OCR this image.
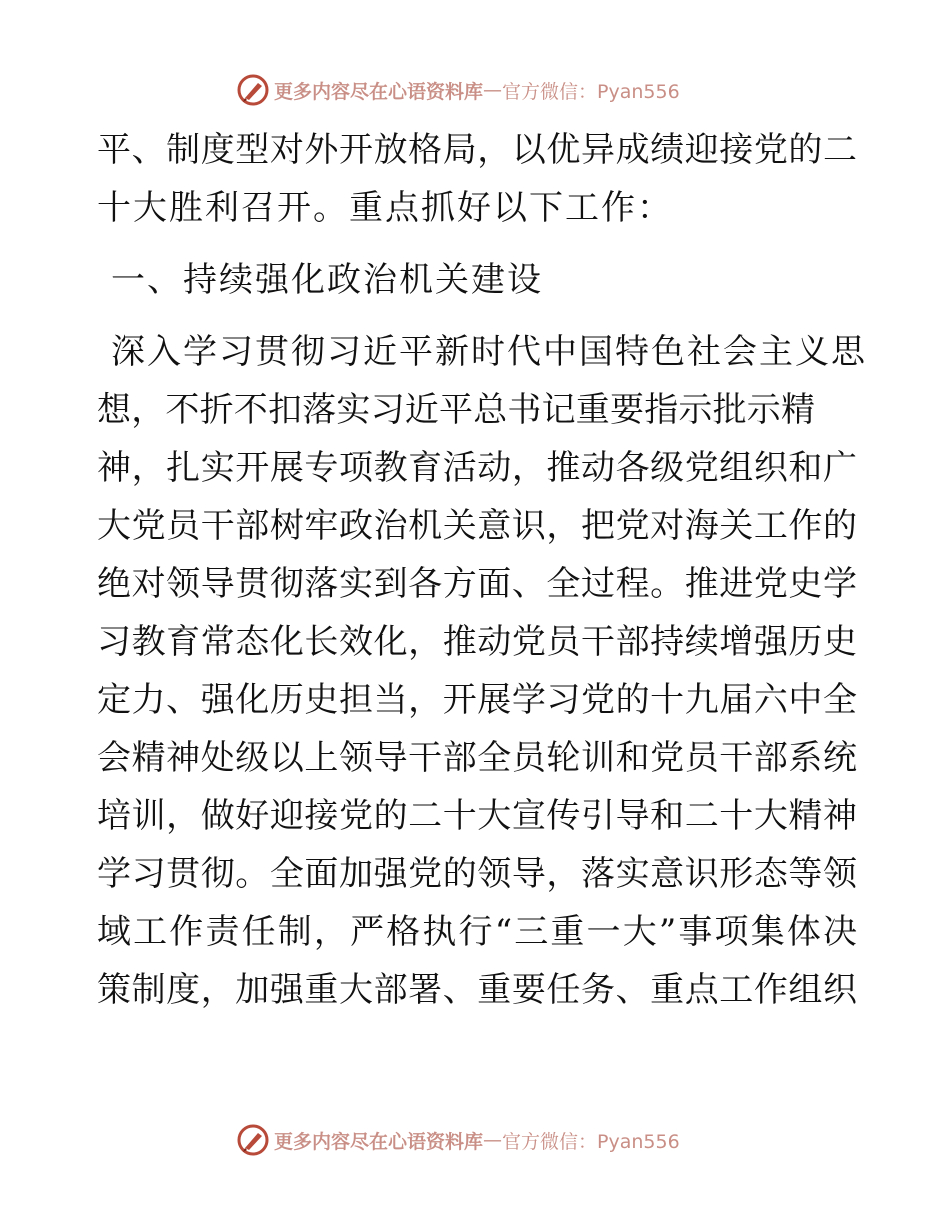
更多内容尽在心语资料库 — 官方微信：Pyan556
平、制度型对外开放格局，以优异成绩迎接党的二
十大胜利召开。重点抓好以下工作：
一、持续强化政治机关建设
深入学习贯彻习近平新时代中国特色社会主义思
想，不折不扣落实习近平总书记重要指示批示精
神，扎实开展专项教育活动，推动各级党组织和广
大党员干部树牢政治机关意识，把党对海关工作的
绝对领导贯彻落实到各方面、全过程。推进党史学
习教育常态化长效化，推动党员干部持续增强历史
定力、强化历史担当，开展学习党的十九届六中全
会精神处级以上领导干部全员轮训和党员干部系统
培训，做好迎接党的二十大宣传引导和二十大精神
学习贯彻。全面加强党的领导，落实意识形态等领
域工作责任制，严格执行“三重一大”事项集体决
策制度，加强重大部署、重要任务、重点工作组织
更多内容尽在心语资料库 — 官方微信：Pyan556
